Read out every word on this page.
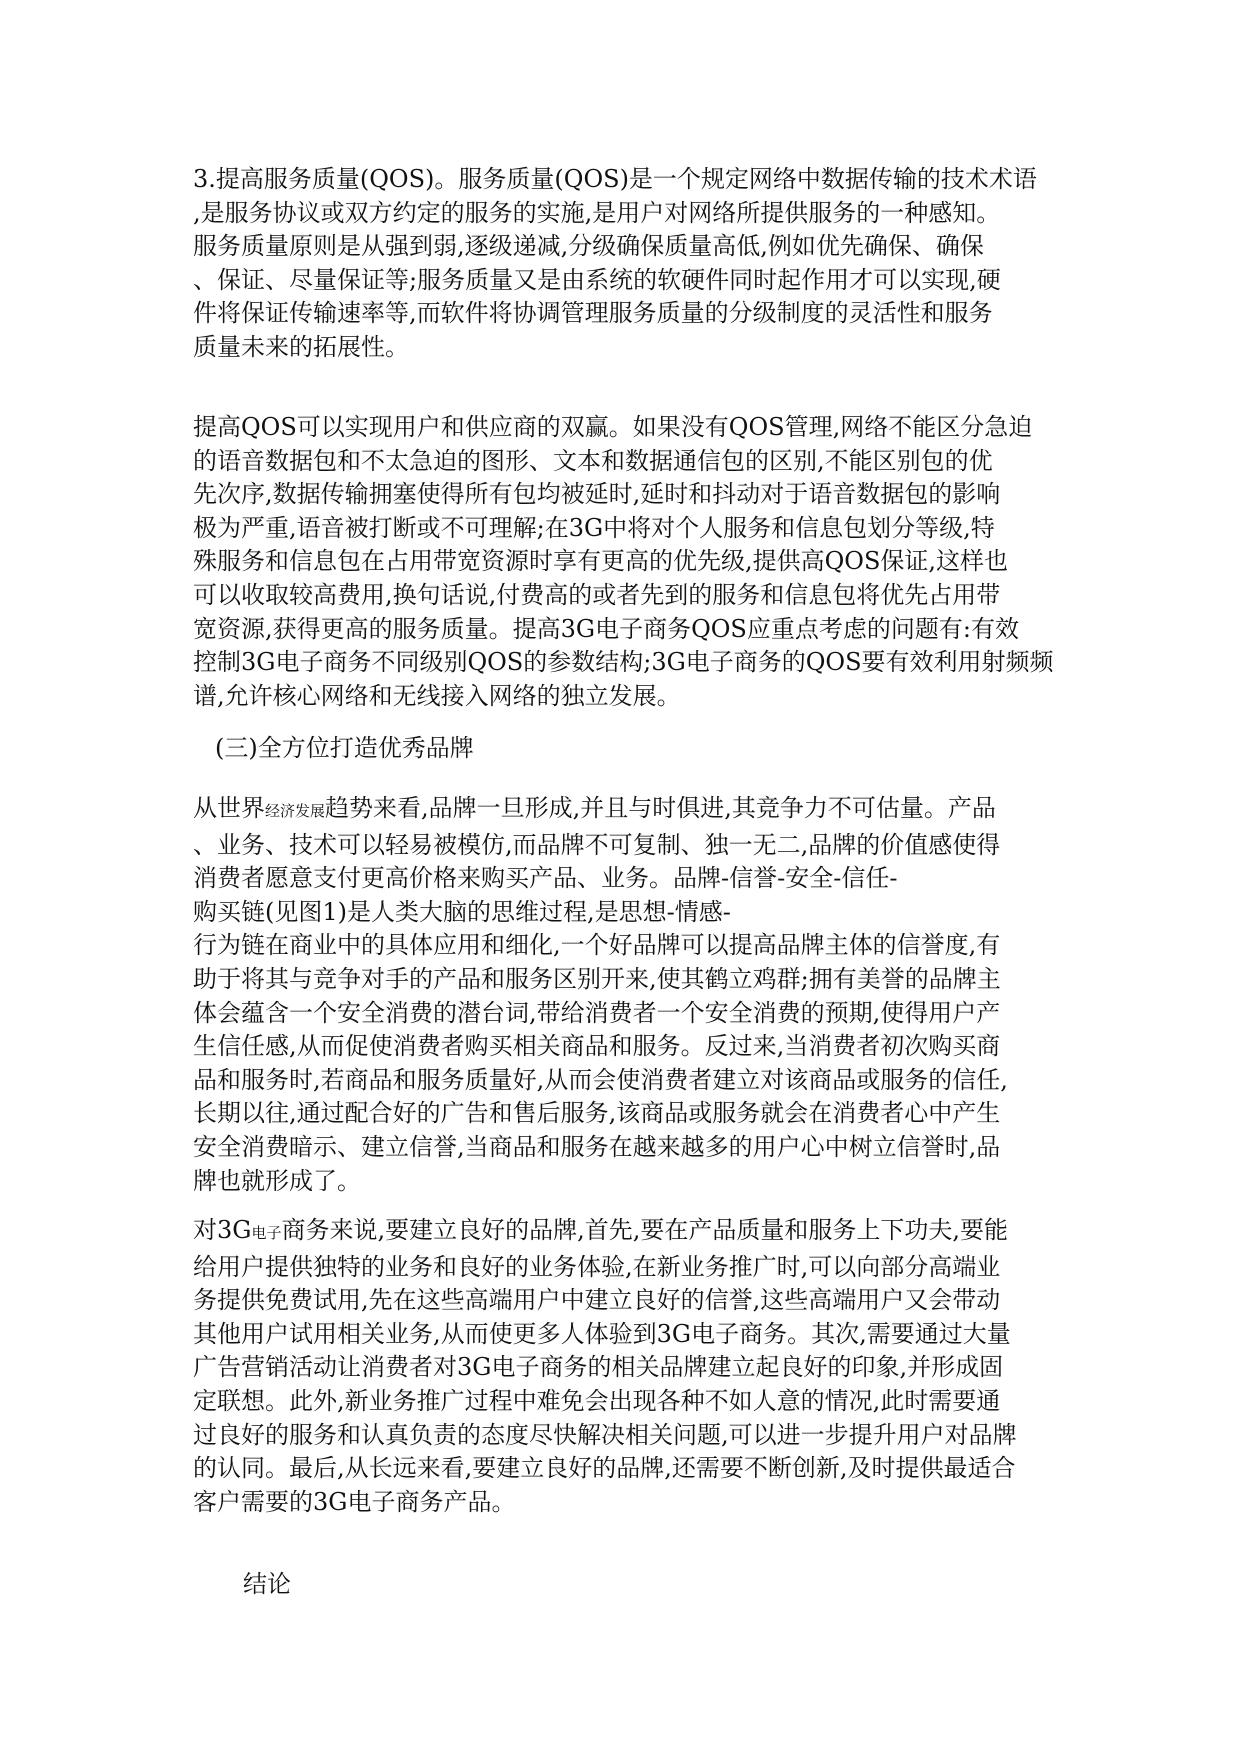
3.提高服务质量(QOS)。服务质量(QOS)是一个规定网络中数据传输的技术术语
,是服务协议或双方约定的服务的实施,是用户对网络所提供服务的一种感知。
服务质量原则是从强到弱,逐级递减,分级确保质量高低,例如优先确保、确保
、保证、尽量保证等;服务质量又是由系统的软硬件同时起作用才可以实现,硬
件将保证传输速率等,而软件将协调管理服务质量的分级制度的灵活性和服务
质量未来的拓展性。
提高QOS可以实现用户和供应商的双赢。如果没有QOS管理,网络不能区分急迫
的语音数据包和不太急迫的图形、文本和数据通信包的区别,不能区别包的优
先次序,数据传输拥塞使得所有包均被延时,延时和抖动对于语音数据包的影响
极为严重,语音被打断或不可理解;在3G中将对个人服务和信息包划分等级,特
殊服务和信息包在占用带宽资源时享有更高的优先级,提供高QOS保证,这样也
可以收取较高费用,换句话说,付费高的或者先到的服务和信息包将优先占用带
宽资源,获得更高的服务质量。提高3G电子商务QOS应重点考虑的问题有:有效
控制3G电子商务不同级别QOS的参数结构;3G电子商务的QOS要有效利用射频频
谱,允许核心网络和无线接入网络的独立发展。
(三)全方位打造优秀品牌
从世界经济发展趋势来看,品牌一旦形成,并且与时俱进,其竞争力不可估量。产品
、业务、技术可以轻易被模仿,而品牌不可复制、独一无二,品牌的价值感使得
消费者愿意支付更高价格来购买产品、业务。品牌-信誉-安全-信任-
购买链(见图1)是人类大脑的思维过程,是思想-情感-
行为链在商业中的具体应用和细化,一个好品牌可以提高品牌主体的信誉度,有
助于将其与竞争对手的产品和服务区别开来,使其鹤立鸡群;拥有美誉的品牌主
体会蕴含一个安全消费的潜台词,带给消费者一个安全消费的预期,使得用户产
生信任感,从而促使消费者购买相关商品和服务。反过来,当消费者初次购买商
品和服务时,若商品和服务质量好,从而会使消费者建立对该商品或服务的信任,
长期以往,通过配合好的广告和售后服务,该商品或服务就会在消费者心中产生
安全消费暗示、建立信誉,当商品和服务在越来越多的用户心中树立信誉时,品
牌也就形成了。
对3G电子商务来说,要建立良好的品牌,首先,要在产品质量和服务上下功夫,要能
给用户提供独特的业务和良好的业务体验,在新业务推广时,可以向部分高端业
务提供免费试用,先在这些高端用户中建立良好的信誉,这些高端用户又会带动
其他用户试用相关业务,从而使更多人体验到3G电子商务。其次,需要通过大量
广告营销活动让消费者对3G电子商务的相关品牌建立起良好的印象,并形成固
定联想。此外,新业务推广过程中难免会出现各种不如人意的情况,此时需要通
过良好的服务和认真负责的态度尽快解决相关问题,可以进一步提升用户对品牌
的认同。最后,从长远来看,要建立良好的品牌,还需要不断创新,及时提供最适合
客户需要的3G电子商务产品。
结论
